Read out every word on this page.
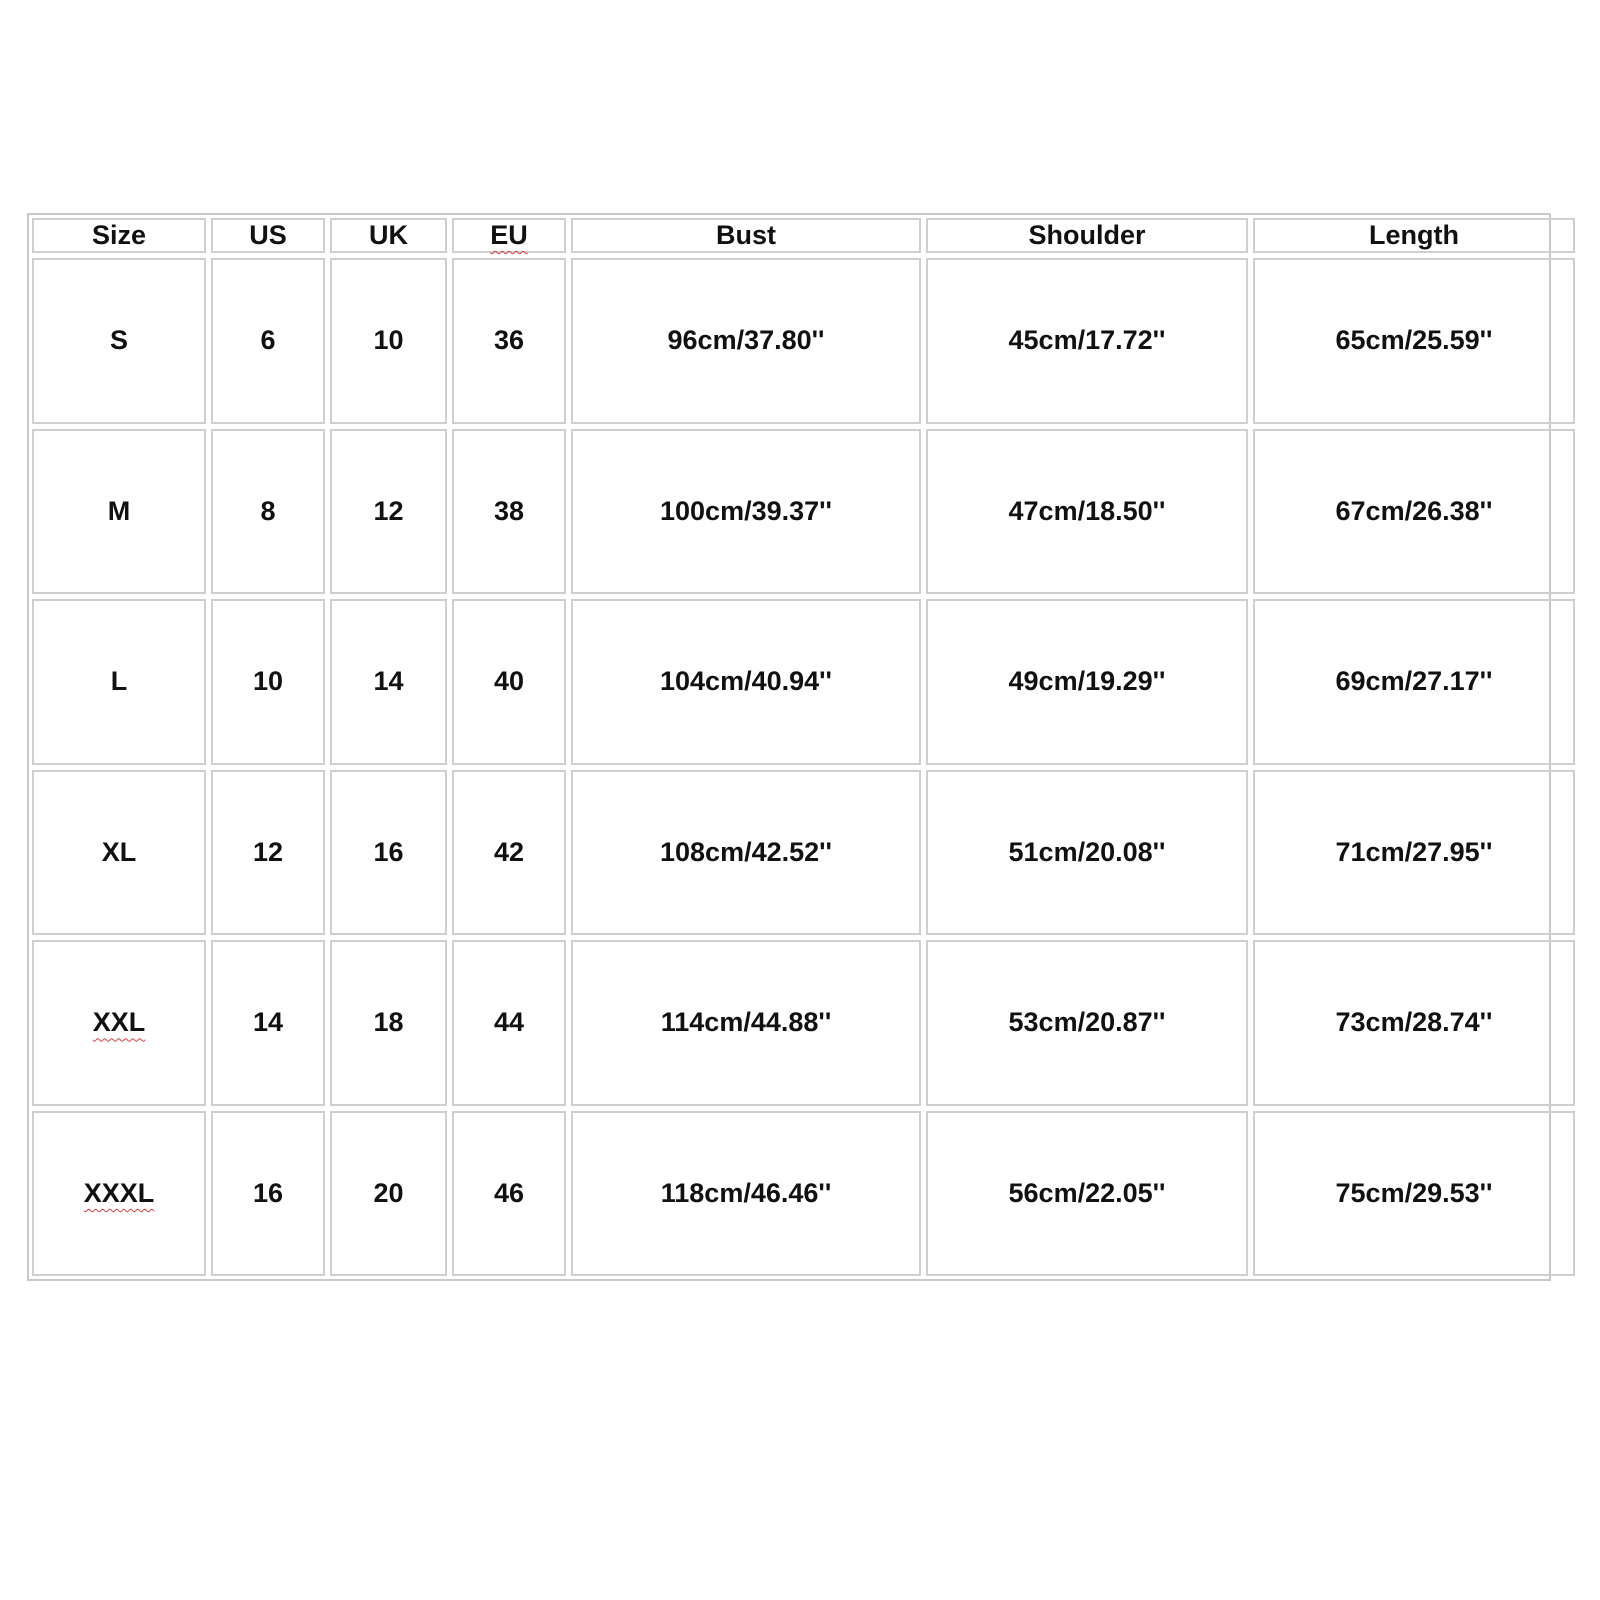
Size	US	UK	EU	Bust	Shoulder	Length
S	6	10	36	96cm/37.80''	45cm/17.72''	65cm/25.59''
M	8	12	38	100cm/39.37''	47cm/18.50''	67cm/26.38''
L	10	14	40	104cm/40.94''	49cm/19.29''	69cm/27.17''
XL	12	16	42	108cm/42.52''	51cm/20.08''	71cm/27.95''
XXL	14	18	44	114cm/44.88''	53cm/20.87''	73cm/28.74''
XXXL	16	20	46	118cm/46.46''	56cm/22.05''	75cm/29.53''
